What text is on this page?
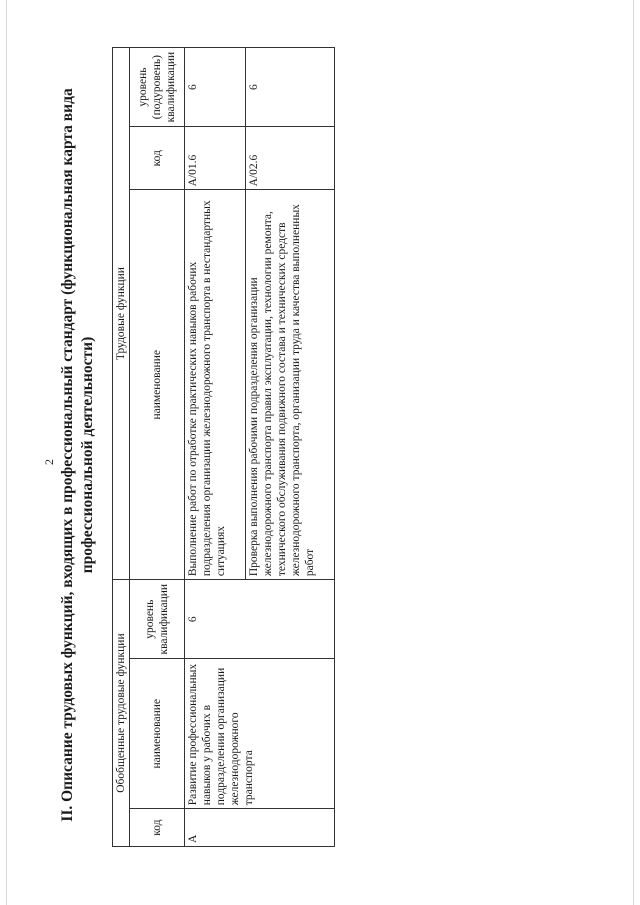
2 II. Описание трудовых функций, входящих в профессиональный стандарт (функциональная карта вида профессиональной деятельности)
Обобщенные трудовые функции			Трудовые функции		
код	наименование	уровень квалификации	наименование	код	уровень (подуровень) квалификации
A	Развитие профессиональных навыков у рабочих в подразделении организации железнодорожного транспорта	6	Выполнение работ по отработке практических навыков рабочих подразделения организации железнодорожного транспорта в нестандартных ситуациях	A/01.6	6
			Проверка выполнения рабочими подразделения организации железнодорожного транспорта правил эксплуатации, технологии ремонта, технического обслуживания подвижного состава и технических средств железнодорожного транспорта, организации труда и качества выполненных работ	A/02.6	6
